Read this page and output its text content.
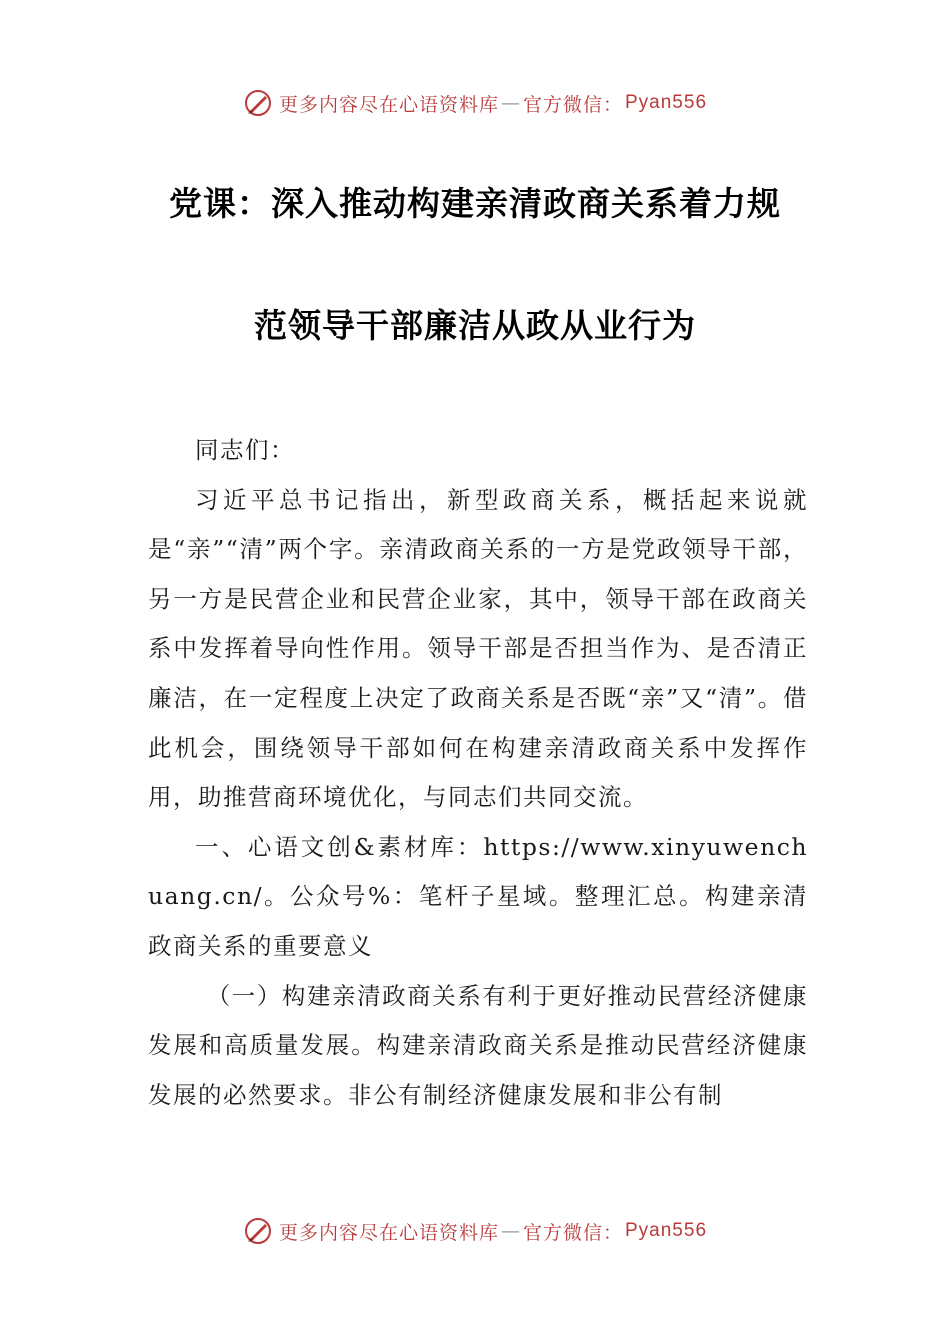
更多内容尽在心语资料库 — 官方微信： Pyan556
党课：深入推动构建亲清政商关系着力规
范领导干部廉洁从政从业行为

同志们：

习近平总书记指出，新型政商关系，概括起来说就是“亲”“清”两个字。亲清政商关系的一方是党政领导干部，另一方是民营企业和民营企业家，其中，领导干部在政商关系中发挥着导向性作用。领导干部是否担当作为、是否清正廉洁，在一定程度上决定了政商关系是否既“亲”又“清”。借此机会，围绕领导干部如何在构建亲清政商关系中发挥作用，助推营商环境优化，与同志们共同交流。

一、心语文创&素材库：https://www.xinyuwenchuang.cn/。公众号%：笔杆子星域。整理汇总。构建亲清政商关系的重要意义

（一）构建亲清政商关系有利于更好推动民营经济健康发展和高质量发展。构建亲清政商关系是推动民营经济健康发展的必然要求。非公有制经济健康发展和非公有制

更多内容尽在心语资料库 — 官方微信： Pyan556
